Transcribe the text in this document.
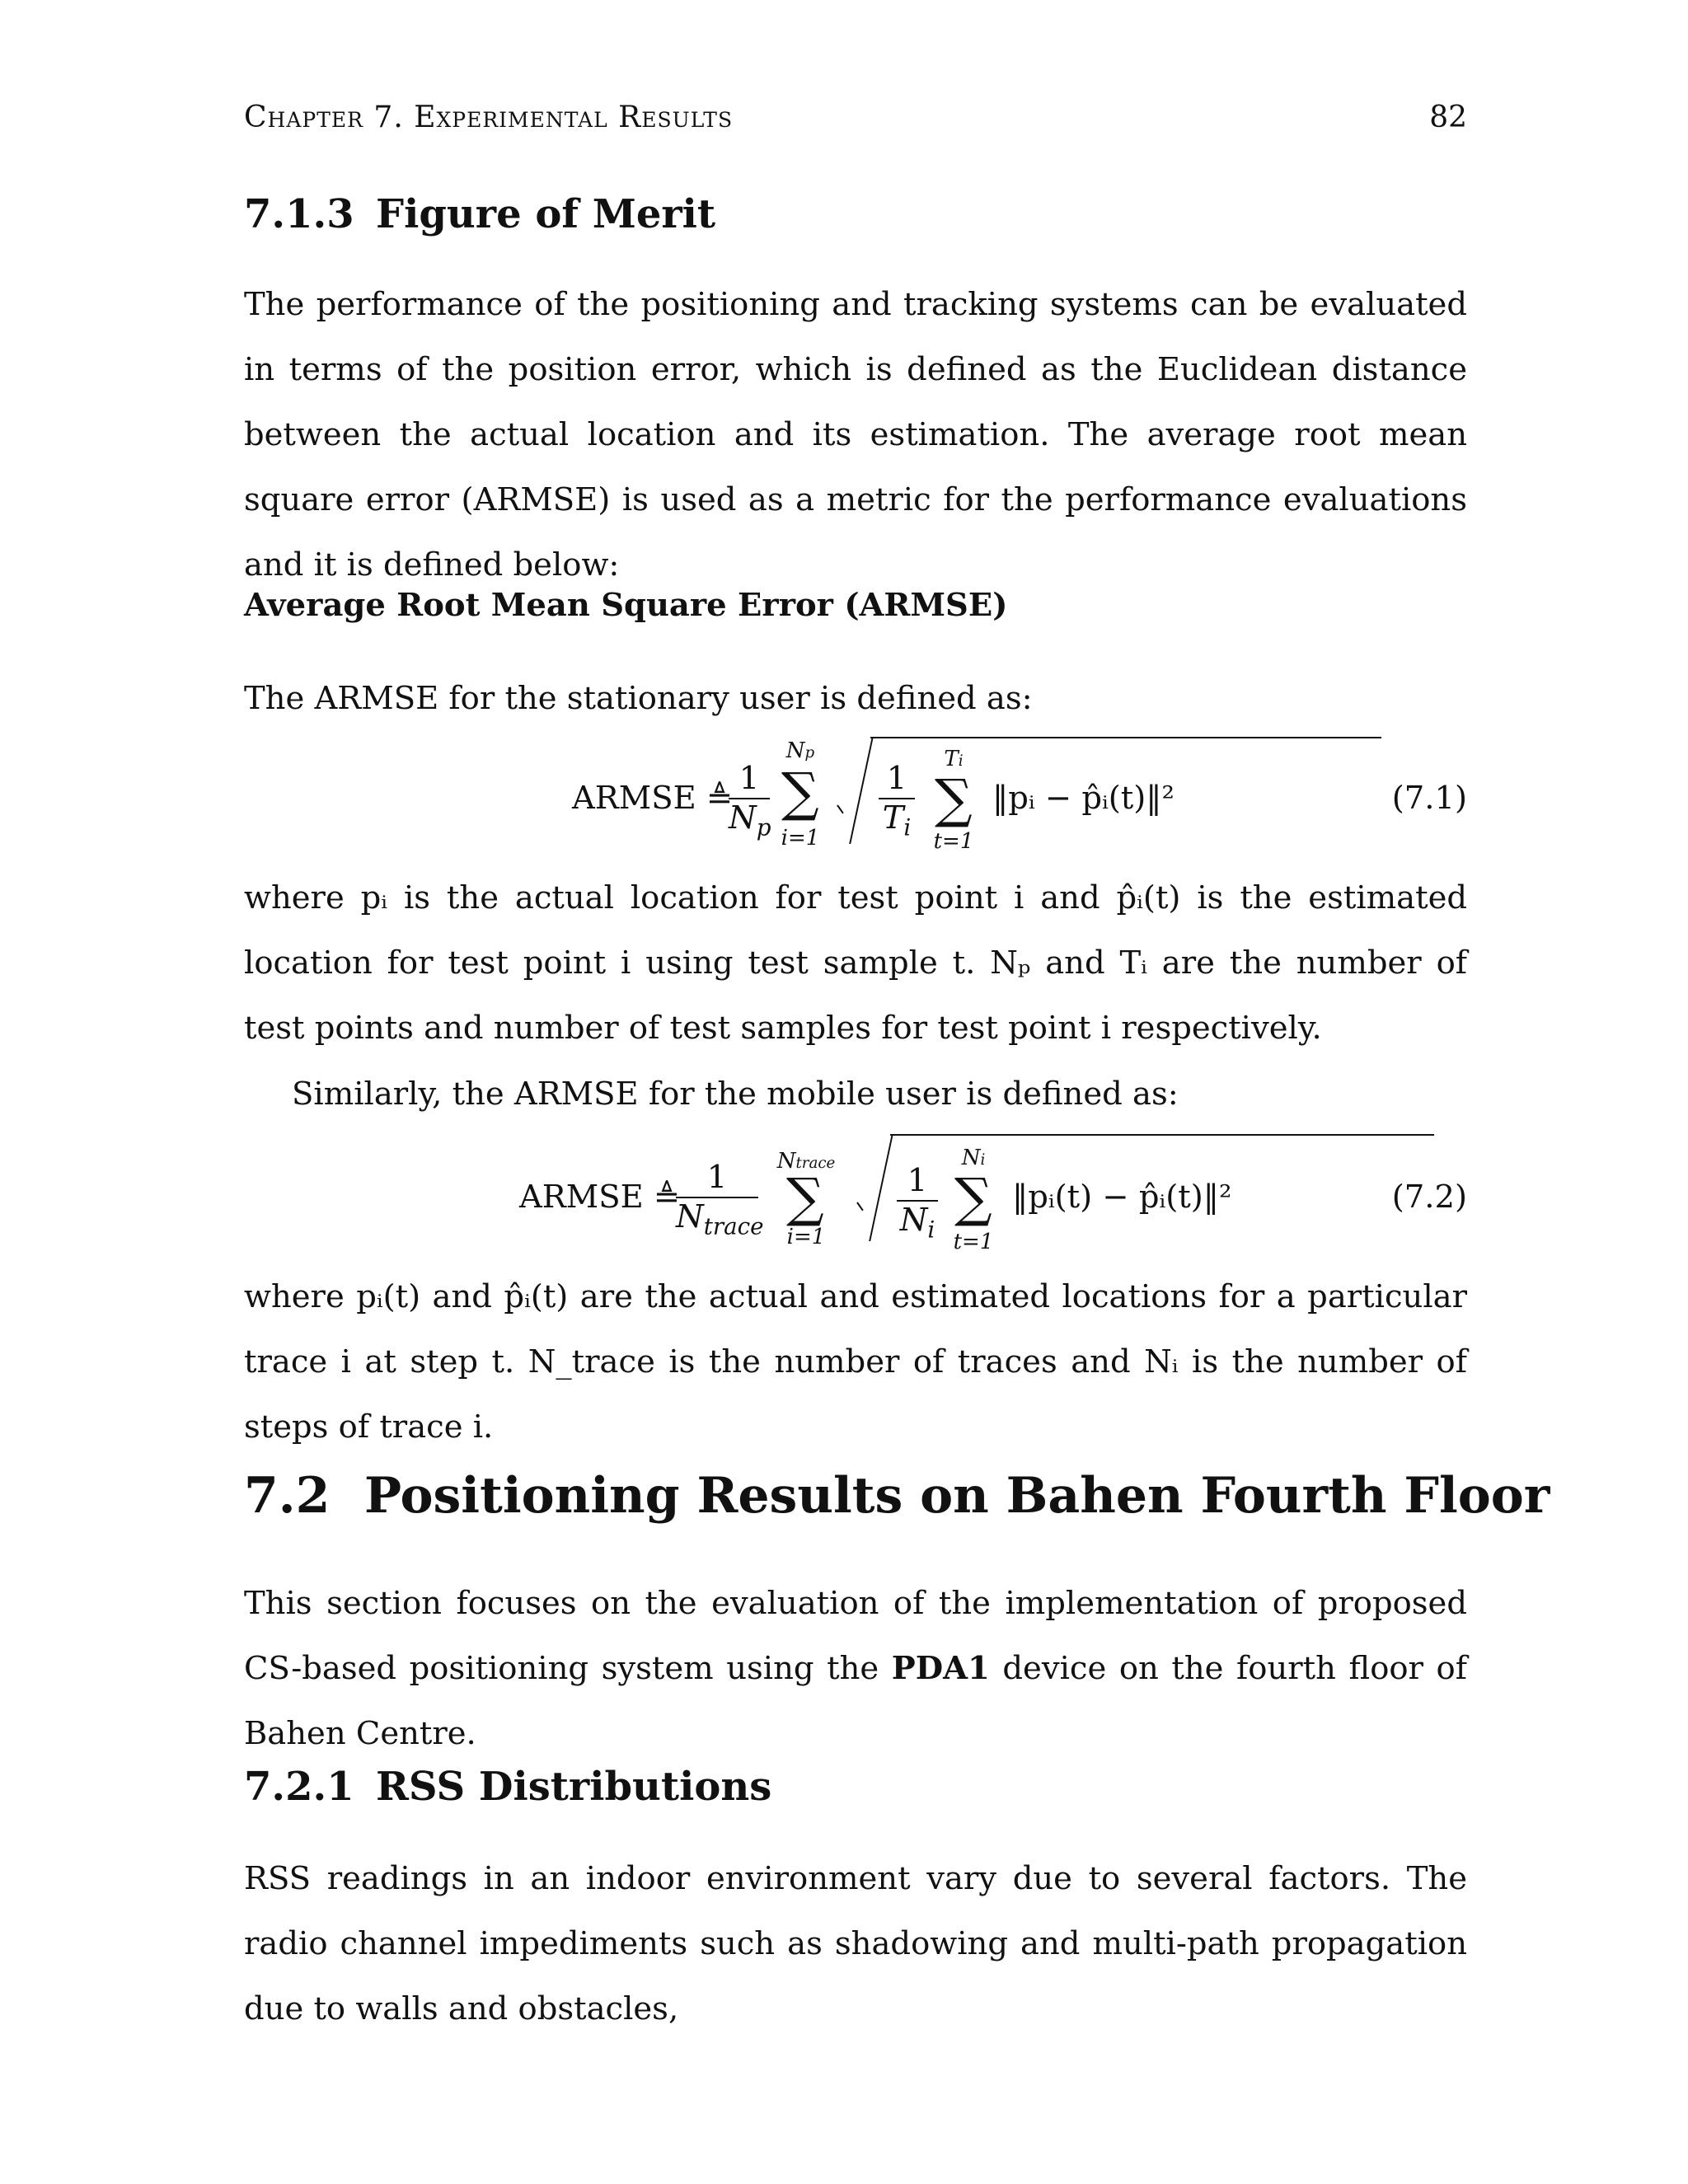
Chapter 7. Experimental Results	82
7.1.3 Figure of Merit

The performance of the positioning and tracking systems can be evaluated in terms of the position error, which is defined as the Euclidean distance between the actual location and its estimation. The average root mean square error (ARMSE) is used as a metric for the performance evaluations and it is defined below:

Average Root Mean Square Error (ARMSE)

The ARMSE for the stationary user is defined as:

ARMSE ≜
$\frac{1}{N_p}$
Np
∑
i=1	$\frac{1}{T_i}$
Ti
∑
t=1
‖pᵢ − p̂ᵢ(t)‖²	(7.1)

where pᵢ is the actual location for test point i and p̂ᵢ(t) is the estimated location for test point i using test sample t. Nₚ and Tᵢ are the number of test points and number of test samples for test point i respectively.

Similarly, the ARMSE for the mobile user is defined as:

ARMSE ≜
1
$N_{trace}$
Ntrace
∑
i=1	$\frac{1}{N_i}$
Ni
∑
t=1
‖pᵢ(t) − p̂ᵢ(t)‖²	(7.2)

where pᵢ(t) and p̂ᵢ(t) are the actual and estimated locations for a particular trace i at step t. N_trace is the number of traces and Nᵢ is the number of steps of trace i.

7.2 Positioning Results on Bahen Fourth Floor

This section focuses on the evaluation of the implementation of proposed CS-based positioning system using the PDA1 device on the fourth floor of Bahen Centre.

7.2.1 RSS Distributions

RSS readings in an indoor environment vary due to several factors. The radio channel impediments such as shadowing and multi-path propagation due to walls and obstacles,
